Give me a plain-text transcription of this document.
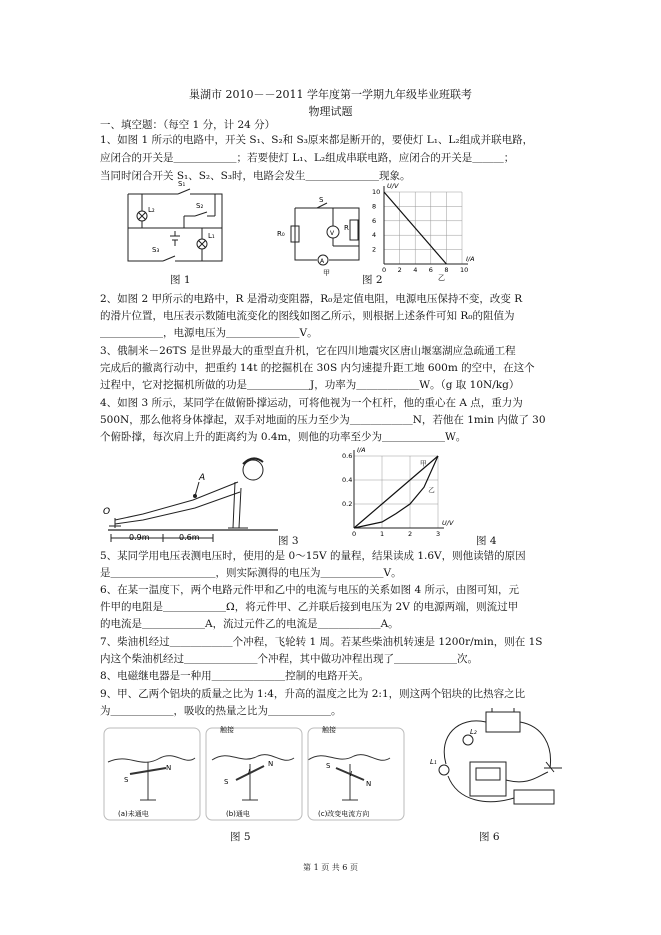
巢湖市 2010－－2011 学年度第一学期九年级毕业班联考
物理试题
一、填空题：（每空 1 分，计 24 分）
1、如图 1 所示的电路中，开关 S₁、S₂和 S₃原来都是断开的，要使灯 L₁、L₂组成并联电路，
应闭合的开关是＿＿＿＿＿＿；若要使灯 L₁、L₂组成串联电路，应闭合的开关是＿＿＿；
当同时闭合开关 S₁、S₂、S₃时，电路会发生＿＿＿＿＿＿＿现象。
S₁
L₂	S₂
S₃
L₁
图 1
S
R₀	V
R
A
甲	0 2 4 6 8 10
2
4
6
8
10
I/A
U/V
乙
图 2
2、如图 2 甲所示的电路中，R 是滑动变阻器，R₀是定值电阻，电源电压保持不变，改变 R
的滑片位置，电压表示数随电流变化的图线如图乙所示，则根据上述条件可知 R₀的阻值为
＿＿＿＿＿＿，电源电压为＿＿＿＿＿＿＿V。
3、俄制米－26TS 是世界最大的重型直升机，它在四川地震灾区唐山堰塞湖应急疏通工程
完成后的撤离行动中，把重约 14t 的挖掘机在 30S 内匀速提升距工地 600m 的空中，在这个
过程中，它对挖掘机所做的功是＿＿＿＿＿＿J，功率为＿＿＿＿＿＿W。（g 取 10N/kg）
4、如图 3 所示，某同学在做俯卧撑运动，可将他视为一个杠杆，他的重心在 A 点，重力为
500N，那么他将身体撑起，双手对地面的压力至少为＿＿＿＿＿＿N，若他在 1min 内做了 30
个俯卧撑，每次肩上升的距离约为 0.4m，则他的功率至少为＿＿＿＿＿＿W。
A
O
0.9m	0.6m	图 3
0	1	2	3
0.2
0.4
0.6
U/V
I/A
甲
乙
图 4
5、某同学用电压表测电压时，使用的是 0～15V 的量程，结果读成 1.6V，则他读错的原因
是＿＿＿＿＿＿＿＿＿＿，则实际测得的电压为＿＿＿＿＿＿V。
6、在某一温度下，两个电路元件甲和乙中的电流与电压的关系如图 4 所示，由图可知，元
件甲的电阻是＿＿＿＿＿＿Ω，将元件甲、乙并联后接到电压为 2V 的电源两端，则流过甲
的电流是＿＿＿＿＿＿A，流过元件乙的电流是＿＿＿＿＿＿A。
7、柴油机经过＿＿＿＿＿＿个冲程，飞轮转 1 周。若某些柴油机转速是 1200r/min，则在 1S
内这个柴油机经过＿＿＿＿＿＿＿个冲程，其中做功冲程出现了＿＿＿＿＿＿次。
8、电磁继电器是一种用＿＿＿＿＿＿＿控制的电路开关。
9、甲、乙两个铝块的质量之比为 1:4，升高的温度之比为 2:1，则这两个铝块的比热容之比
为＿＿＿＿＿＿，吸收的热量之比为＿＿＿＿＿＿。
S
N
触接
S
N
I
触接
S
N
I
(a)未通电	(b)通电	(c)改变电流方向
图 5
L₂
L₁
图 6
第 1 页 共 6 页
